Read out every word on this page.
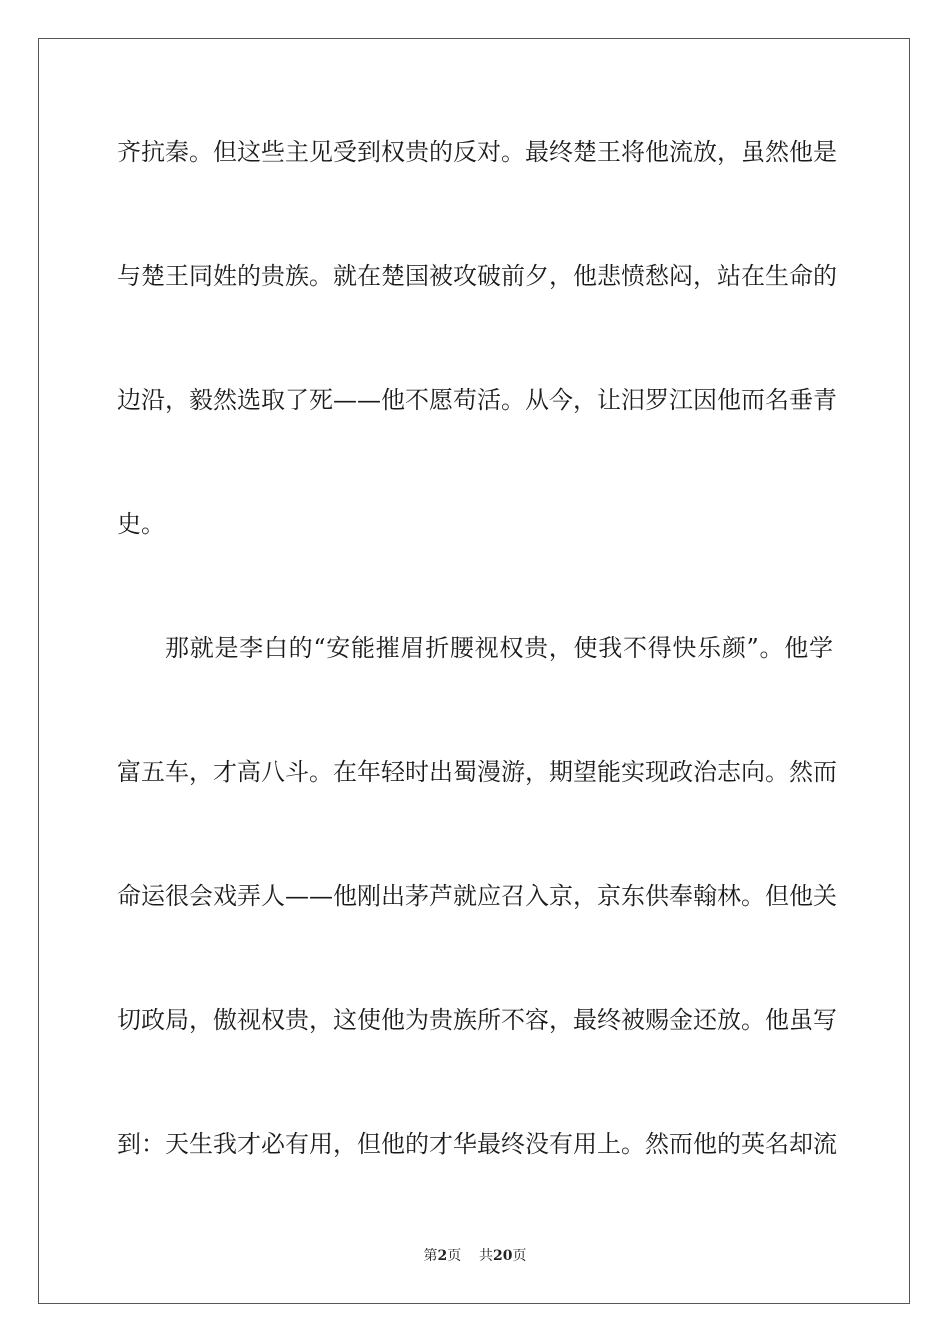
齐抗秦。但这些主见受到权贵的反对。最终楚王将他流放，虽然他是
与楚王同姓的贵族。就在楚国被攻破前夕，他悲愤愁闷，站在生命的
边沿，毅然选取了死——他不愿苟活。从今，让汨罗江因他而名垂青
史。
那就是李白的“安能摧眉折腰视权贵，使我不得快乐颜”。他学
富五车，才高八斗。在年轻时出蜀漫游，期望能实现政治志向。然而
命运很会戏弄人——他刚出茅芦就应召入京，京东供奉翰林。但他关
切政局，傲视权贵，这使他为贵族所不容，最终被赐金还放。他虽写
到：天生我才必有用，但他的才华最终没有用上。然而他的英名却流
第2页 共20页
